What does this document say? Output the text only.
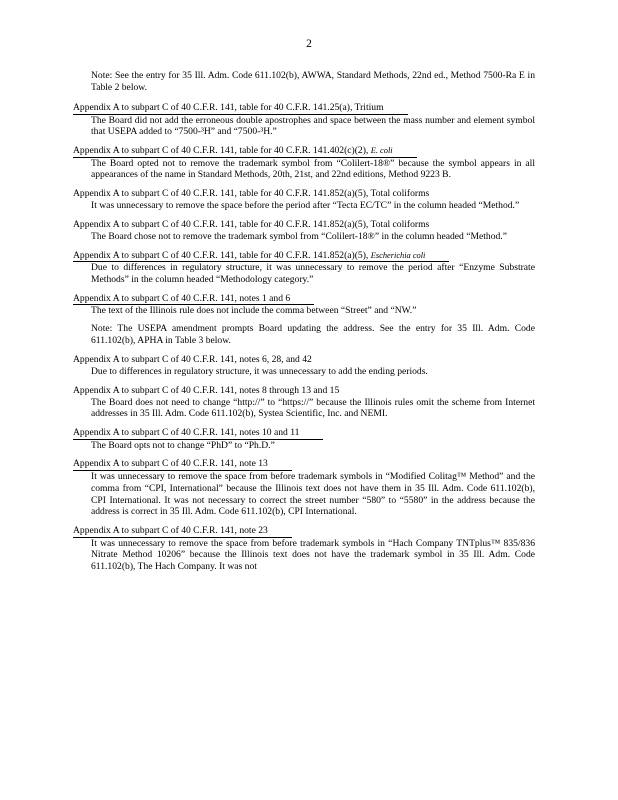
2
Note: See the entry for 35 Ill. Adm. Code 611.102(b), AWWA, Standard Methods, 22nd ed., Method 7500-Ra E in Table 2 below.
Appendix A to subpart C of 40 C.F.R. 141, table for 40 C.F.R. 141.25(a), Tritium
The Board did not add the erroneous double apostrophes and space between the mass number and element symbol that USEPA added to “7500-³H” and “7500-³H.”
Appendix A to subpart C of 40 C.F.R. 141, table for 40 C.F.R. 141.402(c)(2), E. coli
The Board opted not to remove the trademark symbol from “Colilert-18®” because the symbol appears in all appearances of the name in Standard Methods, 20th, 21st, and 22nd editions, Method 9223 B.
Appendix A to subpart C of 40 C.F.R. 141, table for 40 C.F.R. 141.852(a)(5), Total coliforms
It was unnecessary to remove the space before the period after “Tecta EC/TC” in the column headed “Method.”
Appendix A to subpart C of 40 C.F.R. 141, table for 40 C.F.R. 141.852(a)(5), Total coliforms
The Board chose not to remove the trademark symbol from “Colilert-18®” in the column headed “Method.”
Appendix A to subpart C of 40 C.F.R. 141, table for 40 C.F.R. 141.852(a)(5), Escherichia coli
Due to differences in regulatory structure, it was unnecessary to remove the period after “Enzyme Substrate Methods” in the column headed “Methodology category.”
Appendix A to subpart C of 40 C.F.R. 141, notes 1 and 6
The text of the Illinois rule does not include the comma between “Street” and “NW.”
Note: The USEPA amendment prompts Board updating the address. See the entry for 35 Ill. Adm. Code 611.102(b), APHA in Table 3 below.
Appendix A to subpart C of 40 C.F.R. 141, notes 6, 28, and 42
Due to differences in regulatory structure, it was unnecessary to add the ending periods.
Appendix A to subpart C of 40 C.F.R. 141, notes 8 through 13 and 15
The Board does not need to change “http://” to “https://” because the Illinois rules omit the scheme from Internet addresses in 35 Ill. Adm. Code 611.102(b), Systea Scientific, Inc. and NEMI.
Appendix A to subpart C of 40 C.F.R. 141, notes 10 and 11
The Board opts not to change “PhD” to “Ph.D.”
Appendix A to subpart C of 40 C.F.R. 141, note 13
It was unnecessary to remove the space from before trademark symbols in “Modified Colitag™ Method” and the comma from “CPI, International” because the Illinois text does not have them in 35 Ill. Adm. Code 611.102(b), CPI International. It was not necessary to correct the street number “580” to “5580” in the address because the address is correct in 35 Ill. Adm. Code 611.102(b), CPI International.
Appendix A to subpart C of 40 C.F.R. 141, note 23
It was unnecessary to remove the space from before trademark symbols in “Hach Company TNTplus™ 835/836 Nitrate Method 10206” because the Illinois text does not have the trademark symbol in 35 Ill. Adm. Code 611.102(b), The Hach Company. It was not
